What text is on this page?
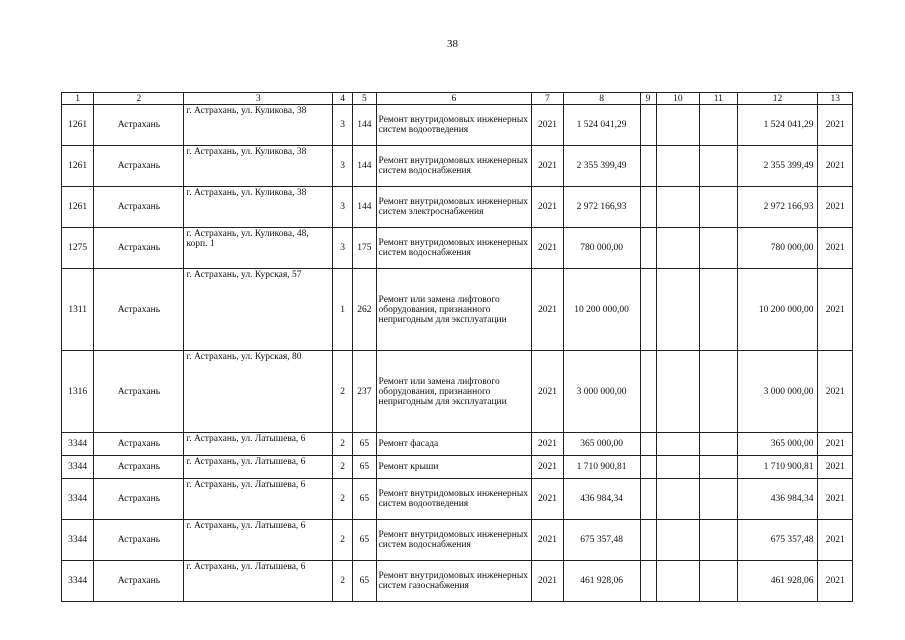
38
1	2	3	4	5	6	7	8	9	10	11	12	13
1261	Астрахань	г. Астрахань, ул. Куликова, 38	3	144	Ремонт внутридомовых инженерных систем водоотведения	2021	1 524 041,29				1 524 041,29	2021
1261	Астрахань	г. Астрахань, ул. Куликова, 38	3	144	Ремонт внутридомовых инженерных систем водоснабжения	2021	2 355 399,49				2 355 399,49	2021
1261	Астрахань	г. Астрахань, ул. Куликова, 38	3	144	Ремонт внутридомовых инженерных систем электроснабжения	2021	2 972 166,93				2 972 166,93	2021
1275	Астрахань	г. Астрахань, ул. Куликова, 48, корп. 1	3	175	Ремонт внутридомовых инженерных систем водоснабжения	2021	780 000,00				780 000,00	2021
1311	Астрахань	г. Астрахань, ул. Курская, 57	1	262	Ремонт или замена лифтового оборудования, признанного непригодным для эксплуатации	2021	10 200 000,00				10 200 000,00	2021
1316	Астрахань	г. Астрахань, ул. Курская, 80	2	237	Ремонт или замена лифтового оборудования, признанного непригодным для эксплуатации	2021	3 000 000,00				3 000 000,00	2021
3344	Астрахань	г. Астрахань, ул. Латышева, 6	2	65	Ремонт фасада	2021	365 000,00				365 000,00	2021
3344	Астрахань	г. Астрахань, ул. Латышева, 6	2	65	Ремонт крыши	2021	1 710 900,81				1 710 900,81	2021
3344	Астрахань	г. Астрахань, ул. Латышева, 6	2	65	Ремонт внутридомовых инженерных систем водоотведения	2021	436 984,34				436 984,34	2021
3344	Астрахань	г. Астрахань, ул. Латышева, 6	2	65	Ремонт внутридомовых инженерных систем водоснабжения	2021	675 357,48				675 357,48	2021
3344	Астрахань	г. Астрахань, ул. Латышева, 6	2	65	Ремонт внутридомовых инженерных систем газоснабжения	2021	461 928,06				461 928,06	2021
